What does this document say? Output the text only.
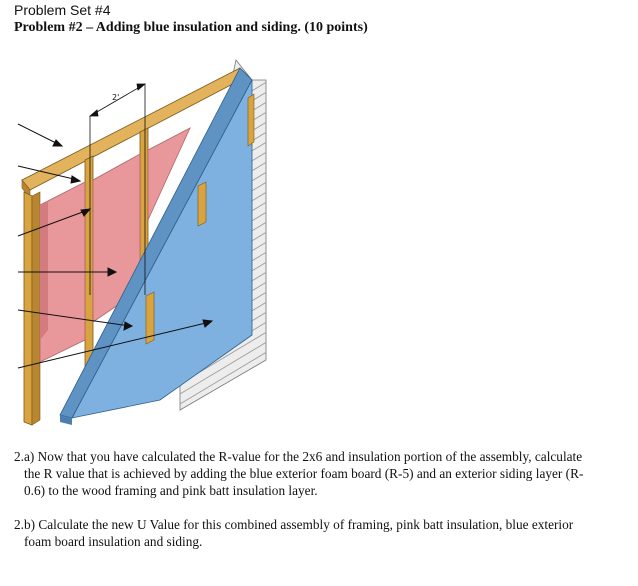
Problem Set #4
Problem #2 – Adding blue insulation and siding. (10 points)
2'
2.a) Now that you have calculated the R-value for the 2x6 and insulation portion of the assembly, calculate
the R value that is achieved by adding the blue exterior foam board (R-5) and an exterior siding layer (R-
0.6) to the wood framing and pink batt insulation layer.
2.b) Calculate the new U Value for this combined assembly of framing, pink batt insulation, blue exterior
foam board insulation and siding.
